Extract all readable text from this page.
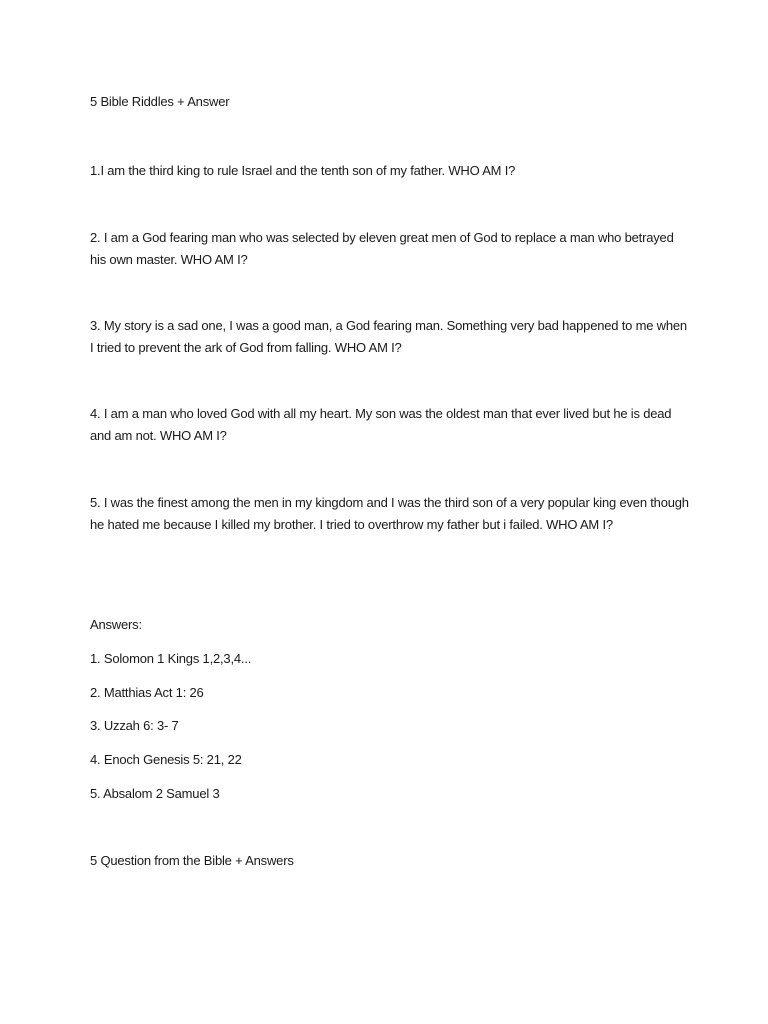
5 Bible Riddles + Answer

1.I am the third king to rule Israel and the tenth son of my father. WHO AM I?

2. I am a God fearing man who was selected by eleven great men of God to replace a man who betrayed his own master. WHO AM I?

3. My story is a sad one, I was a good man, a God fearing man. Something very bad happened to me when I tried to prevent the ark of God from falling. WHO AM I?

4. I am a man who loved God with all my heart. My son was the oldest man that ever lived but he is dead and am not. WHO AM I?

5. I was the finest among the men in my kingdom and I was the third son of a very popular king even though he hated me because I killed my brother. I tried to overthrow my father but i failed. WHO AM I?

Answers:

1. Solomon 1 Kings 1,2,3,4...

2. Matthias Act 1: 26

3. Uzzah 6: 3- 7

4. Enoch Genesis 5: 21, 22

5. Absalom 2 Samuel 3

5 Question from the Bible + Answers
